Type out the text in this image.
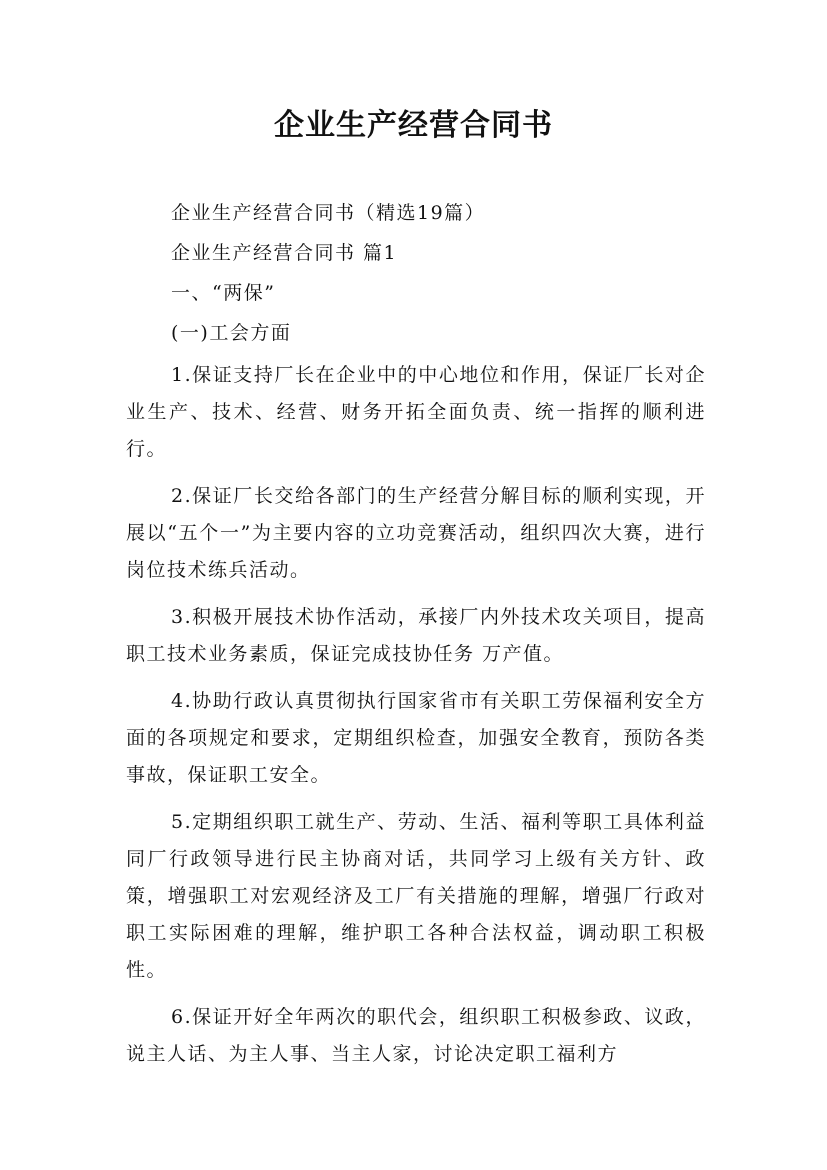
企业生产经营合同书

企业生产经营合同书（精选19篇）

企业生产经营合同书 篇1

一、“两保”

(一)工会方面

1.保证支持厂长在企业中的中心地位和作用，保证厂长对企业生产、技术、经营、财务开拓全面负责、统一指挥的顺利进行。

2.保证厂长交给各部门的生产经营分解目标的顺利实现，开展以“五个一”为主要内容的立功竞赛活动，组织四次大赛，进行岗位技术练兵活动。

3.积极开展技术协作活动，承接厂内外技术攻关项目，提高职工技术业务素质，保证完成技协任务 万产值。

4.协助行政认真贯彻执行国家省市有关职工劳保福利安全方面的各项规定和要求，定期组织检查，加强安全教育，预防各类事故，保证职工安全。

5.定期组织职工就生产、劳动、生活、福利等职工具体利益同厂行政领导进行民主协商对话，共同学习上级有关方针、政策，增强职工对宏观经济及工厂有关措施的理解，增强厂行政对职工实际困难的理解，维护职工各种合法权益，调动职工积极性。

6.保证开好全年两次的职代会，组织职工积极参政、议政，说主人话、为主人事、当主人家，讨论决定职工福利方
